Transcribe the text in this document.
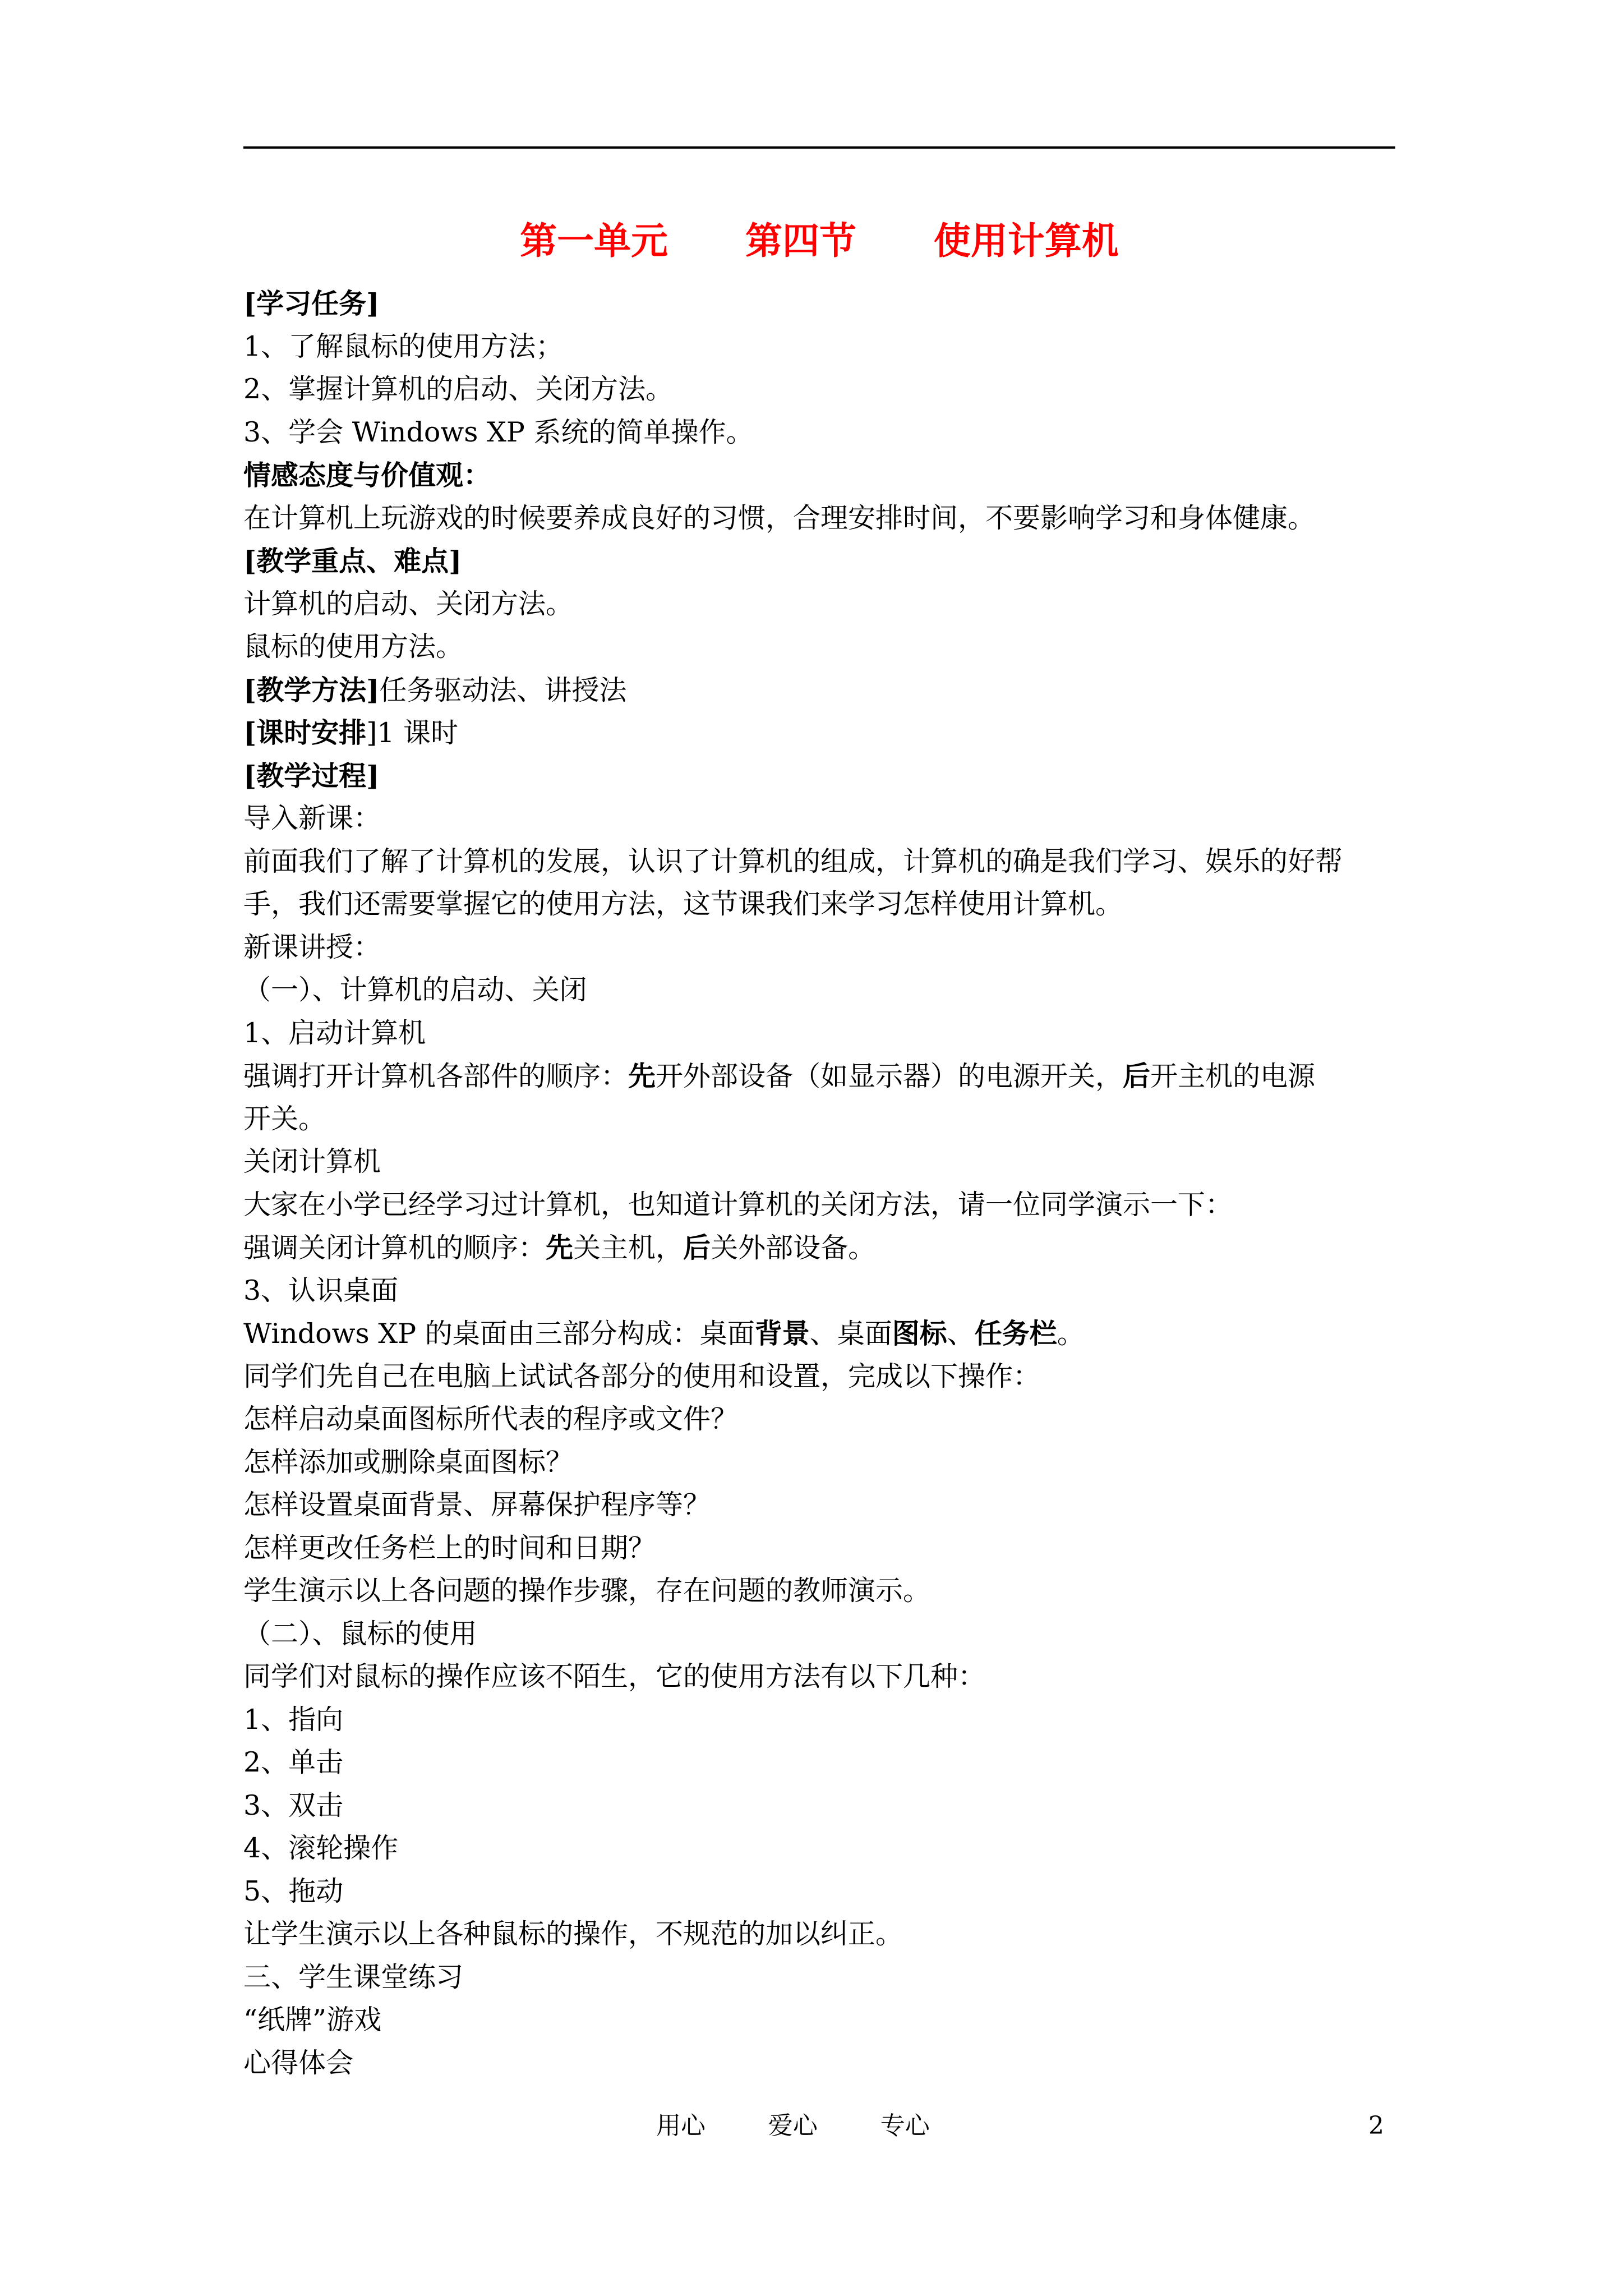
第一单元      第四节      使用计算机
[学习任务]
1、了解鼠标的使用方法；
2、掌握计算机的启动、关闭方法。
3、学会 Windows XP 系统的简单操作。
情感态度与价值观：
在计算机上玩游戏的时候要养成良好的习惯，合理安排时间，不要影响学习和身体健康。
[教学重点、难点]
计算机的启动、关闭方法。
鼠标的使用方法。
[教学方法]任务驱动法、讲授法
[课时安排]1 课时
[教学过程]
导入新课：
前面我们了解了计算机的发展，认识了计算机的组成，计算机的确是我们学习、娱乐的好帮
手，我们还需要掌握它的使用方法，这节课我们来学习怎样使用计算机。
新课讲授：
（一）、计算机的启动、关闭
1、启动计算机
强调打开计算机各部件的顺序：先开外部设备（如显示器）的电源开关，后开主机的电源
开关。
关闭计算机
大家在小学已经学习过计算机，也知道计算机的关闭方法，请一位同学演示一下：
强调关闭计算机的顺序：先关主机，后关外部设备。
3、认识桌面
Windows XP 的桌面由三部分构成：桌面背景、桌面图标、任务栏。
同学们先自己在电脑上试试各部分的使用和设置，完成以下操作：
怎样启动桌面图标所代表的程序或文件？
怎样添加或删除桌面图标？
怎样设置桌面背景、屏幕保护程序等？
怎样更改任务栏上的时间和日期？
学生演示以上各问题的操作步骤，存在问题的教师演示。
（二）、鼠标的使用
同学们对鼠标的操作应该不陌生，它的使用方法有以下几种：
1、指向
2、单击
3、双击
4、滚轮操作
5、拖动
让学生演示以上各种鼠标的操作，不规范的加以纠正。
三、学生课堂练习
“纸牌”游戏
心得体会
用心        爱心        专心	2
